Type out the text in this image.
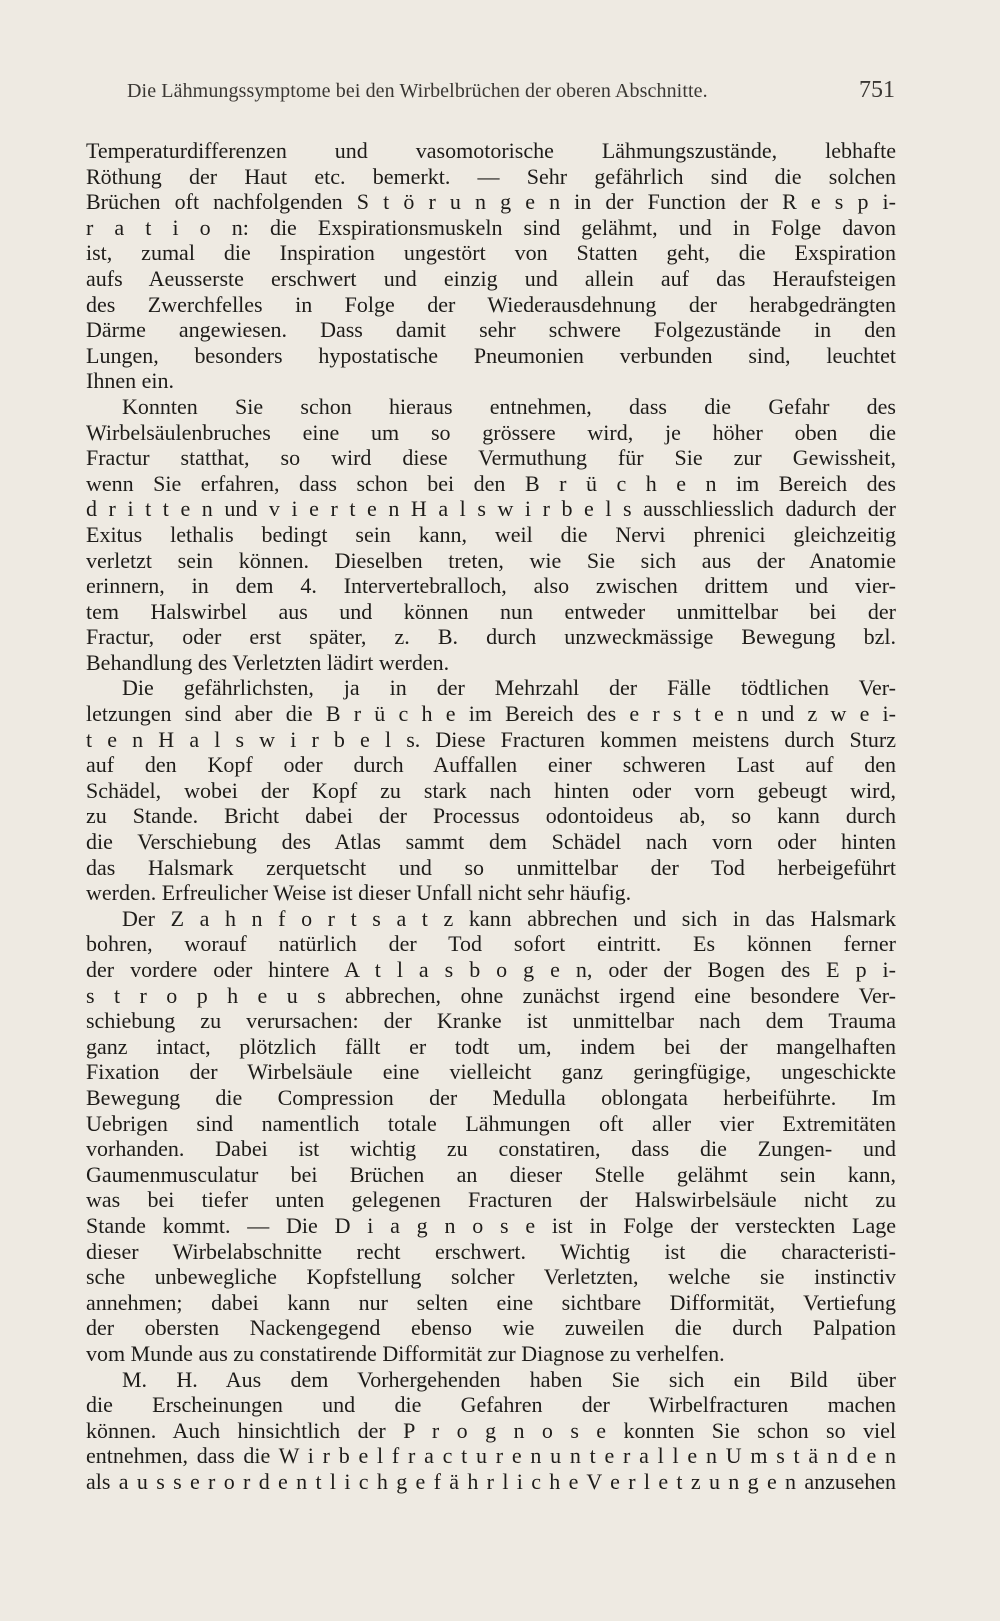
Die Lähmungssymptome bei den Wirbelbrüchen der oberen Abschnitte.	751
Temperaturdifferenzen und vasomotorische Lähmungszustände, lebhafte
Röthung der Haut etc. bemerkt. — Sehr gefährlich sind die solchen
Brüchen oft nachfolgenden S t ö r u n g e n in der Function der R e s p i-
r a t i o n: die Exspirationsmuskeln sind gelähmt, und in Folge davon
ist, zumal die Inspiration ungestört von Statten geht, die Exspiration
aufs Aeusserste erschwert und einzig und allein auf das Heraufsteigen
des Zwerchfelles in Folge der Wiederausdehnung der herabgedrängten
Därme angewiesen. Dass damit sehr schwere Folgezustände in den
Lungen, besonders hypostatische Pneumonien verbunden sind, leuchtet
Ihnen ein.
Konnten Sie schon hieraus entnehmen, dass die Gefahr des
Wirbelsäulenbruches eine um so grössere wird, je höher oben die
Fractur statthat, so wird diese Vermuthung für Sie zur Gewissheit,
wenn Sie erfahren, dass schon bei den B r ü c h e n im Bereich des
d r i t t e n und v i e r t e n H a l s w i r b e l s ausschliesslich dadurch der
Exitus lethalis bedingt sein kann, weil die Nervi phrenici gleichzeitig
verletzt sein können. Dieselben treten, wie Sie sich aus der Anatomie
erinnern, in dem 4. Intervertebralloch, also zwischen drittem und vier-
tem Halswirbel aus und können nun entweder unmittelbar bei der
Fractur, oder erst später, z. B. durch unzweckmässige Bewegung bzl.
Behandlung des Verletzten lädirt werden.
Die gefährlichsten, ja in der Mehrzahl der Fälle tödtlichen Ver-
letzungen sind aber die B r ü c h e im Bereich des e r s t e n und z w e i-
t e n H a l s w i r b e l s. Diese Fracturen kommen meistens durch Sturz
auf den Kopf oder durch Auffallen einer schweren Last auf den
Schädel, wobei der Kopf zu stark nach hinten oder vorn gebeugt wird,
zu Stande. Bricht dabei der Processus odontoideus ab, so kann durch
die Verschiebung des Atlas sammt dem Schädel nach vorn oder hinten
das Halsmark zerquetscht und so unmittelbar der Tod herbeigeführt
werden. Erfreulicher Weise ist dieser Unfall nicht sehr häufig.
Der Z a h n f o r t s a t z kann abbrechen und sich in das Halsmark
bohren, worauf natürlich der Tod sofort eintritt. Es können ferner
der vordere oder hintere A t l a s b o g e n, oder der Bogen des E p i-
s t r o p h e u s abbrechen, ohne zunächst irgend eine besondere Ver-
schiebung zu verursachen: der Kranke ist unmittelbar nach dem Trauma
ganz intact, plötzlich fällt er todt um, indem bei der mangelhaften
Fixation der Wirbelsäule eine vielleicht ganz geringfügige, ungeschickte
Bewegung die Compression der Medulla oblongata herbeiführte. Im
Uebrigen sind namentlich totale Lähmungen oft aller vier Extremitäten
vorhanden. Dabei ist wichtig zu constatiren, dass die Zungen- und
Gaumenmusculatur bei Brüchen an dieser Stelle gelähmt sein kann,
was bei tiefer unten gelegenen Fracturen der Halswirbelsäule nicht zu
Stande kommt. — Die D i a g n o s e ist in Folge der versteckten Lage
dieser Wirbelabschnitte recht erschwert. Wichtig ist die characteristi-
sche unbewegliche Kopfstellung solcher Verletzten, welche sie instinctiv
annehmen; dabei kann nur selten eine sichtbare Difformität, Vertiefung
der obersten Nackengegend ebenso wie zuweilen die durch Palpation
vom Munde aus zu constatirende Difformität zur Diagnose zu verhelfen.
M. H. Aus dem Vorhergehenden haben Sie sich ein Bild über
die Erscheinungen und die Gefahren der Wirbelfracturen machen
können. Auch hinsichtlich der P r o g n o s e konnten Sie schon so viel
entnehmen, dass die W i r b e l f r a c t u r e n u n t e r a l l e n U m s t ä n d e n
als a u s s e r o r d e n t l i c h g e f ä h r l i c h e V e r l e t z u n g e n anzusehen
